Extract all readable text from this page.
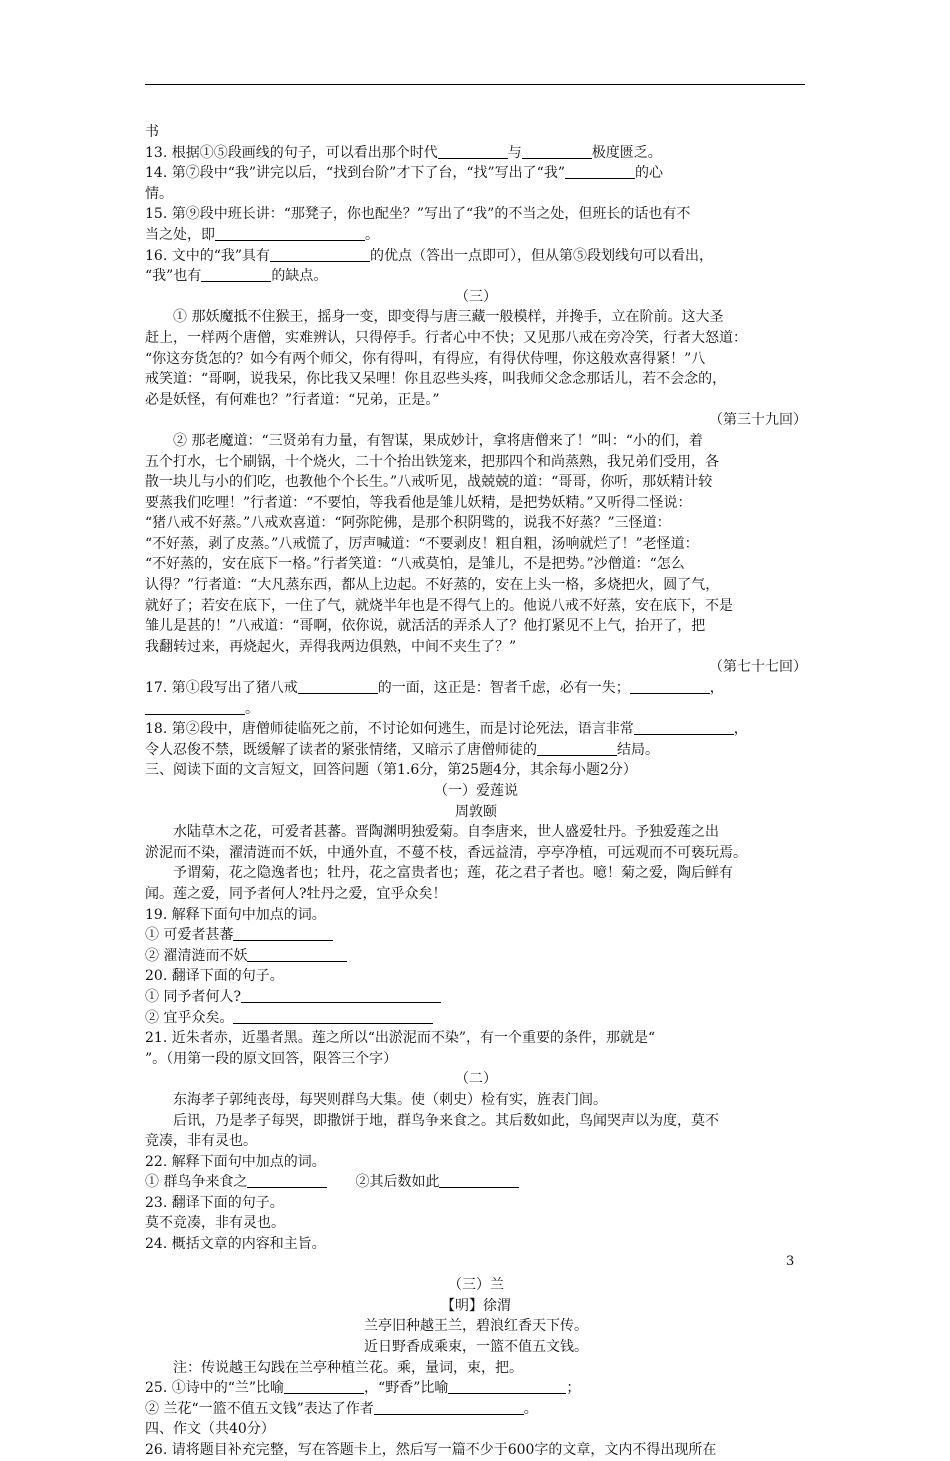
书
13. 根据①⑤段画线的句子，可以看出那个时代	与	极度匮乏。
14. 第⑦段中“我”讲完以后，“找到台阶”才下了台，“找”写出了“我”	的心
情。
15. 第⑨段中班长讲：“那凳子，你也配坐？”写出了“我”的不当之处，但班长的话也有不
当之处，即	。
16. 文中的“我”具有	的优点（答出一点即可），但从第⑤段划线句可以看出，
“我”也有	的缺点。
（三）
① 那妖魔抵不住猴王，摇身一变，即变得与唐三藏一般模样，并搀手，立在阶前。这大圣
赶上，一样两个唐僧，实难辨认，只得停手。行者心中不快；又见那八戒在旁冷笑，行者大怒道：
“你这夯货怎的？如今有两个师父，你有得叫，有得应，有得伏侍哩，你这般欢喜得紧！”八
戒笑道：“哥啊，说我呆，你比我又呆哩！你且忍些头疼，叫我师父念念那话儿，若不会念的，
必是妖怪，有何难也？”行者道：“兄弟，正是。”
（第三十九回）
② 那老魔道：“三贤弟有力量，有智谋，果成妙计，拿将唐僧来了！”叫：“小的们，着
五个打水，七个刷锅，十个烧火，二十个抬出铁笼来，把那四个和尚蒸熟，我兄弟们受用，各
散一块儿与小的们吃，也教他个个长生。”八戒听见，战兢兢的道：“哥哥，你听，那妖精计较
要蒸我们吃哩！”行者道：“不要怕，等我看他是雏儿妖精，是把势妖精。”又听得二怪说：
“猪八戒不好蒸。”八戒欢喜道：“阿弥陀佛，是那个积阴骘的，说我不好蒸？”三怪道：
“不好蒸，剥了皮蒸。”八戒慌了，厉声喊道：“不要剥皮！粗自粗，汤响就烂了！”老怪道：
“不好蒸的，安在底下一格。”行者笑道：“八戒莫怕，是雏儿，不是把势。”沙僧道：“怎么
认得？”行者道：“大凡蒸东西，都从上边起。不好蒸的，安在上头一格，多烧把火，圆了气，
就好了；若安在底下，一住了气，就烧半年也是不得气上的。他说八戒不好蒸，安在底下，不是
雏儿是甚的！”八戒道：“哥啊，依你说，就活活的弄杀人了？他打紧见不上气，抬开了，把
我翻转过来，再烧起火，弄得我两边俱熟，中间不夹生了？”
（第七十七回）
17. 第①段写出了猪八戒	的一面，这正是：智者千虑，必有一失；	，
。
18. 第②段中，唐僧师徒临死之前，不讨论如何逃生，而是讨论死法，语言非常	，
令人忍俊不禁，既缓解了读者的紧张情绪，又暗示了唐僧师徒的	结局。
三、阅读下面的文言短文，回答问题（第1.6分，第25题4分，其余每小题2分）
（一）爱莲说
周敦颐
水陆草木之花，可爱者甚蕃。晋陶渊明独爱菊。自李唐来，世人盛爱牡丹。予独爱莲之出
淤泥而不染，濯清涟而不妖，中通外直，不蔓不枝，香远益清，亭亭净植，可远观而不可亵玩焉。
予谓菊，花之隐逸者也；牡丹，花之富贵者也；莲，花之君子者也。噫！菊之爱，陶后鲜有
闻。莲之爱，同予者何人?牡丹之爱，宜乎众矣！
19. 解释下面句中加点的词。
① 可爱者甚蕃
② 濯清涟而不妖
20. 翻译下面的句子。
① 同予者何人?
② 宜乎众矣。
21. 近朱者赤，近墨者黑。莲之所以“出淤泥而不染”，有一个重要的条件，那就是“
”。（用第一段的原文回答，限答三个字）
（二）
东海孝子郭纯丧母，每哭则群鸟大集。使（刺史）检有实，旌表门闾。
后讯，乃是孝子每哭，即撒饼于地，群鸟争来食之。其后数如此，鸟闻哭声以为度，莫不
竞凑，非有灵也。
22. 解释下面句中加点的词。
① 群鸟争来食之	　　②其后数如此
23. 翻译下面的句子。
莫不竞凑，非有灵也。
24. 概括文章的内容和主旨。
（三）兰
【明】徐渭
兰亭旧种越王兰，碧浪红香天下传。
近日野香成乘束，一篮不值五文钱。
注：传说越王勾践在兰亭种植兰花。乘，量词，束，把。
25. ①诗中的“兰”比喻	，“野香”比喻	；
② 兰花“一篮不值五文钱”表达了作者	。
四、作文（共40分）
26. 请将题目补充完整，写在答题卡上，然后写一篇不少于600字的文章，文内不得出现所在
3
